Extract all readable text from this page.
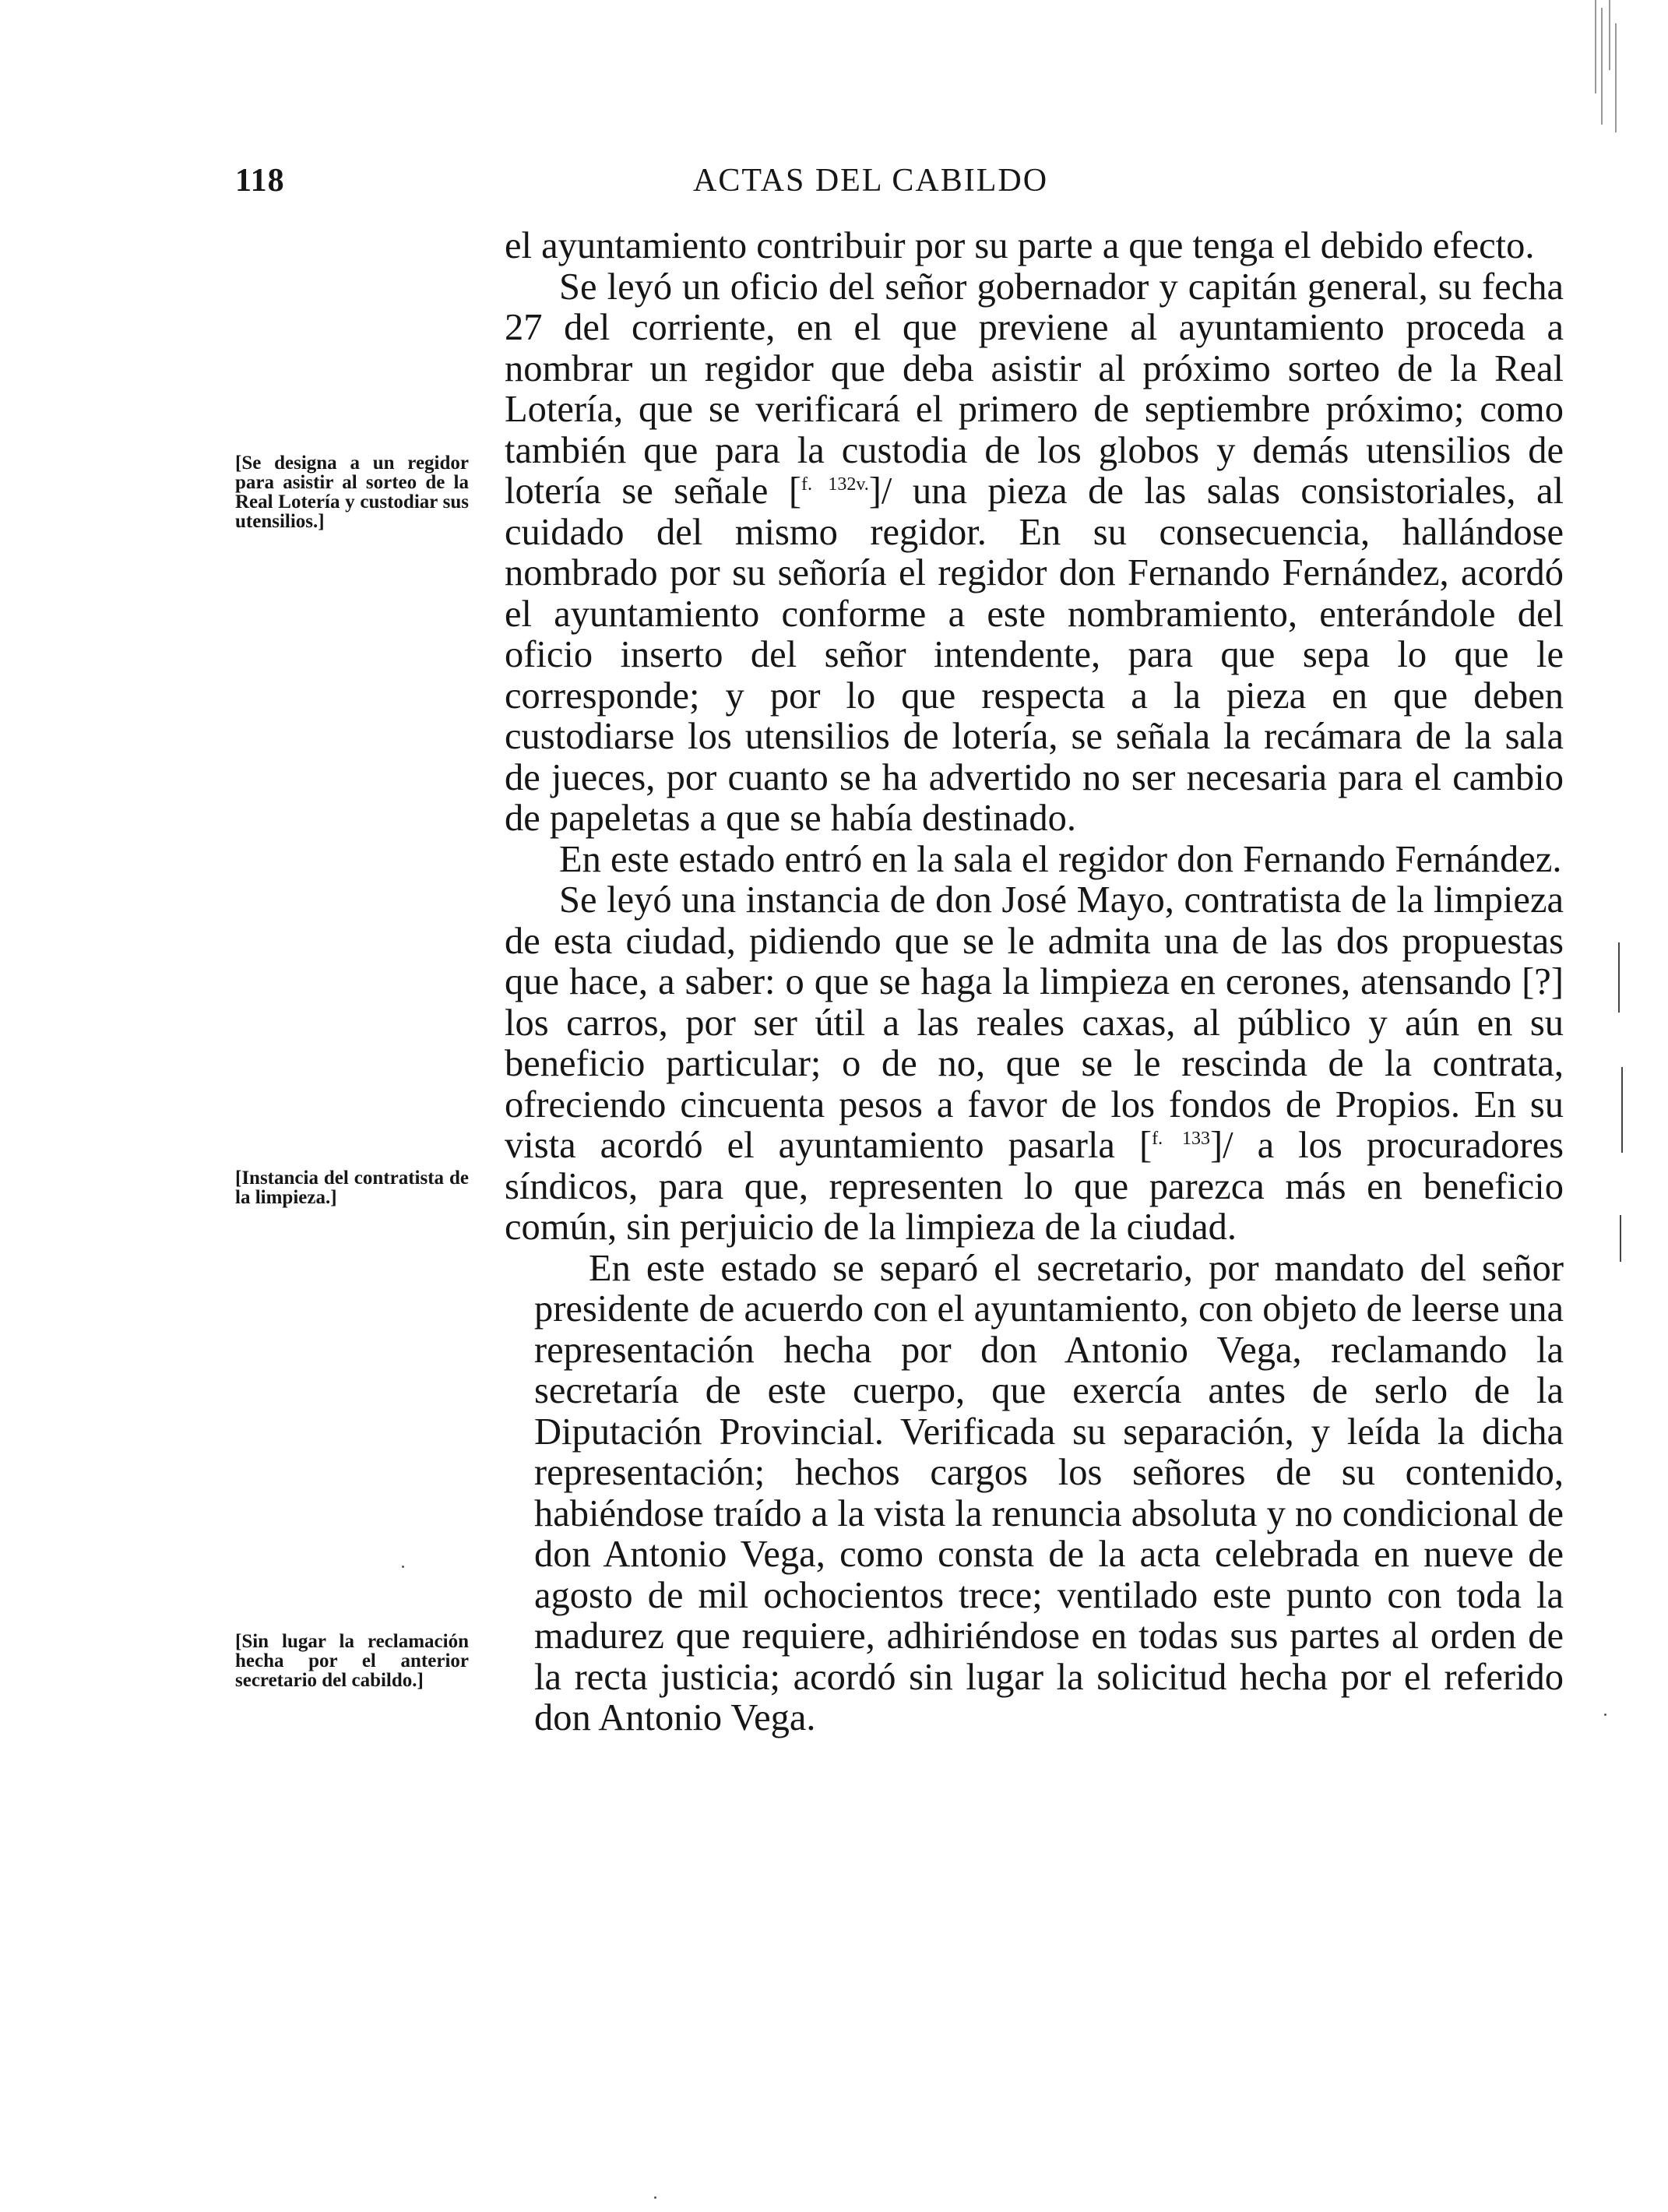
118	ACTAS DEL CABILDO
[Se designa a un regidor para asistir al sorteo de la Real Lotería y custodiar sus utensilios.]
[Instancia del contratista de la limpieza.]
[Sin lugar la reclamación hecha por el anterior secretario del cabildo.]

el ayuntamiento contribuir por su parte a que tenga el debido efecto.

Se leyó un oficio del señor gobernador y capitán general, su fecha 27 del corriente, en el que previene al ayuntamiento proceda a nombrar un regidor que deba asistir al próximo sorteo de la Real Lotería, que se verificará el primero de septiembre próximo; como también que para la custodia de los globos y demás utensilios de lotería se señale [$^{f. 132v.}$]/ una pieza de las salas consistoriales, al cuidado del mismo regidor. En su consecuencia, hallándose nombrado por su señoría el regidor don Fernando Fernández, acordó el ayuntamiento conforme a este nombramiento, enterándole del oficio inserto del señor intendente, para que sepa lo que le corresponde; y por lo que respecta a la pieza en que deben custodiarse los utensilios de lotería, se señala la recámara de la sala de jueces, por cuanto se ha advertido no ser necesaria para el cambio de papeletas a que se había destinado.

En este estado entró en la sala el regidor don Fernando Fernández.

Se leyó una instancia de don José Mayo, contratista de la limpieza de esta ciudad, pidiendo que se le admita una de las dos propuestas que hace, a saber: o que se haga la limpieza en cerones, atensando [?] los carros, por ser útil a las reales caxas, al público y aún en su beneficio particular; o de no, que se le rescinda de la contrata, ofreciendo cincuenta pesos a favor de los fondos de Propios. En su vista acordó el ayuntamiento pasarla [$^{f. 133}$]/ a los procuradores síndicos, para que, representen lo que parezca más en beneficio común, sin perjuicio de la limpieza de la ciudad.

En este estado se separó el secretario, por mandato del señor presidente de acuerdo con el ayuntamiento, con objeto de leerse una representación hecha por don Antonio Vega, reclamando la secretaría de este cuerpo, que exercía antes de serlo de la Diputación Provincial. Verificada su separación, y leída la dicha representación; hechos cargos los señores de su contenido, habiéndose traído a la vista la renuncia absoluta y no condicional de don Antonio Vega, como consta de la acta celebrada en nueve de agosto de mil ochocientos trece; ventilado este punto con toda la madurez que requiere, adhiriéndose en todas sus partes al orden de la recta justicia; acordó sin lugar la solicitud hecha por el referido don Antonio Vega.
